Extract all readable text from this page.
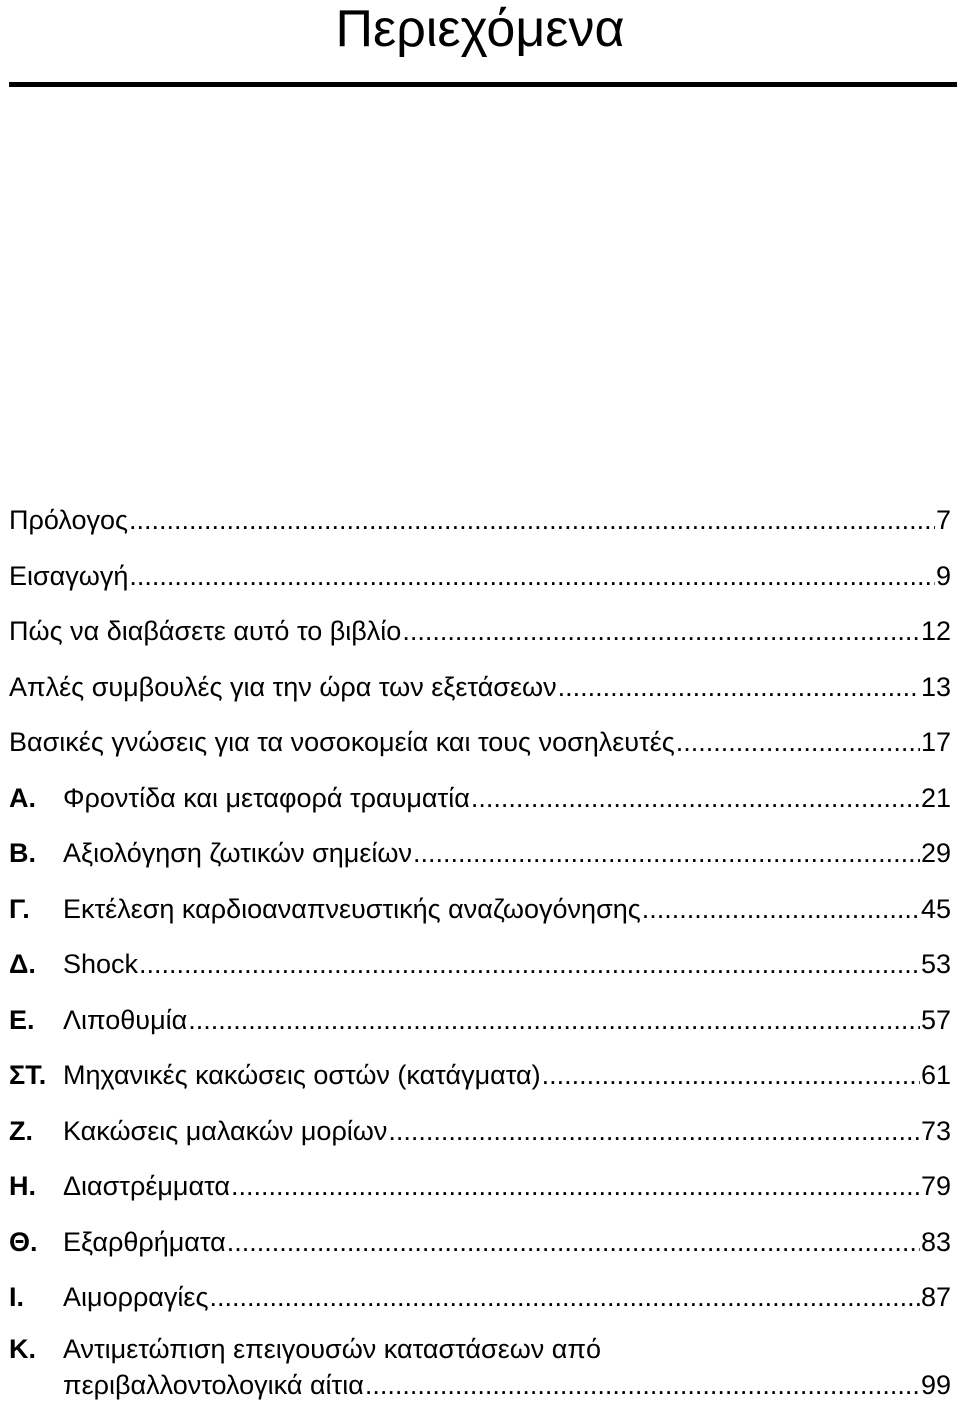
Περιεχόμενα
Πρόλογος .....	7
Εισαγωγή .....	9
Πώς να διαβάσετε αυτό το βιβλίο .....	12
Απλές συμβουλές για την ώρα των εξετάσεων .....	13
Βασικές γνώσεις για τα νοσοκομεία και τους νοσηλευτές .....	17
Α.	Φροντίδα και μεταφορά τραυματία .....	21
Β.	Αξιολόγηση ζωτικών σημείων .....	29
Γ.	Εκτέλεση καρδιοαναπνευστικής αναζωογόνησης .....	45
Δ.	Shock .....	53
Ε.	Λιποθυμία .....	57
ΣΤ. Μηχανικές κακώσεις οστών (κατάγματα) .....	61
Ζ.	Κακώσεις μαλακών μορίων .....	73
Η.	Διαστρέμματα .....	79
Θ. Εξαρθρήματα .....	83
Ι.	Αιμορραγίες .....	87
Κ.	Αντιμετώπιση επειγουσών καταστάσεων από
περιβαλλοντολογικά αίτια .....	99
